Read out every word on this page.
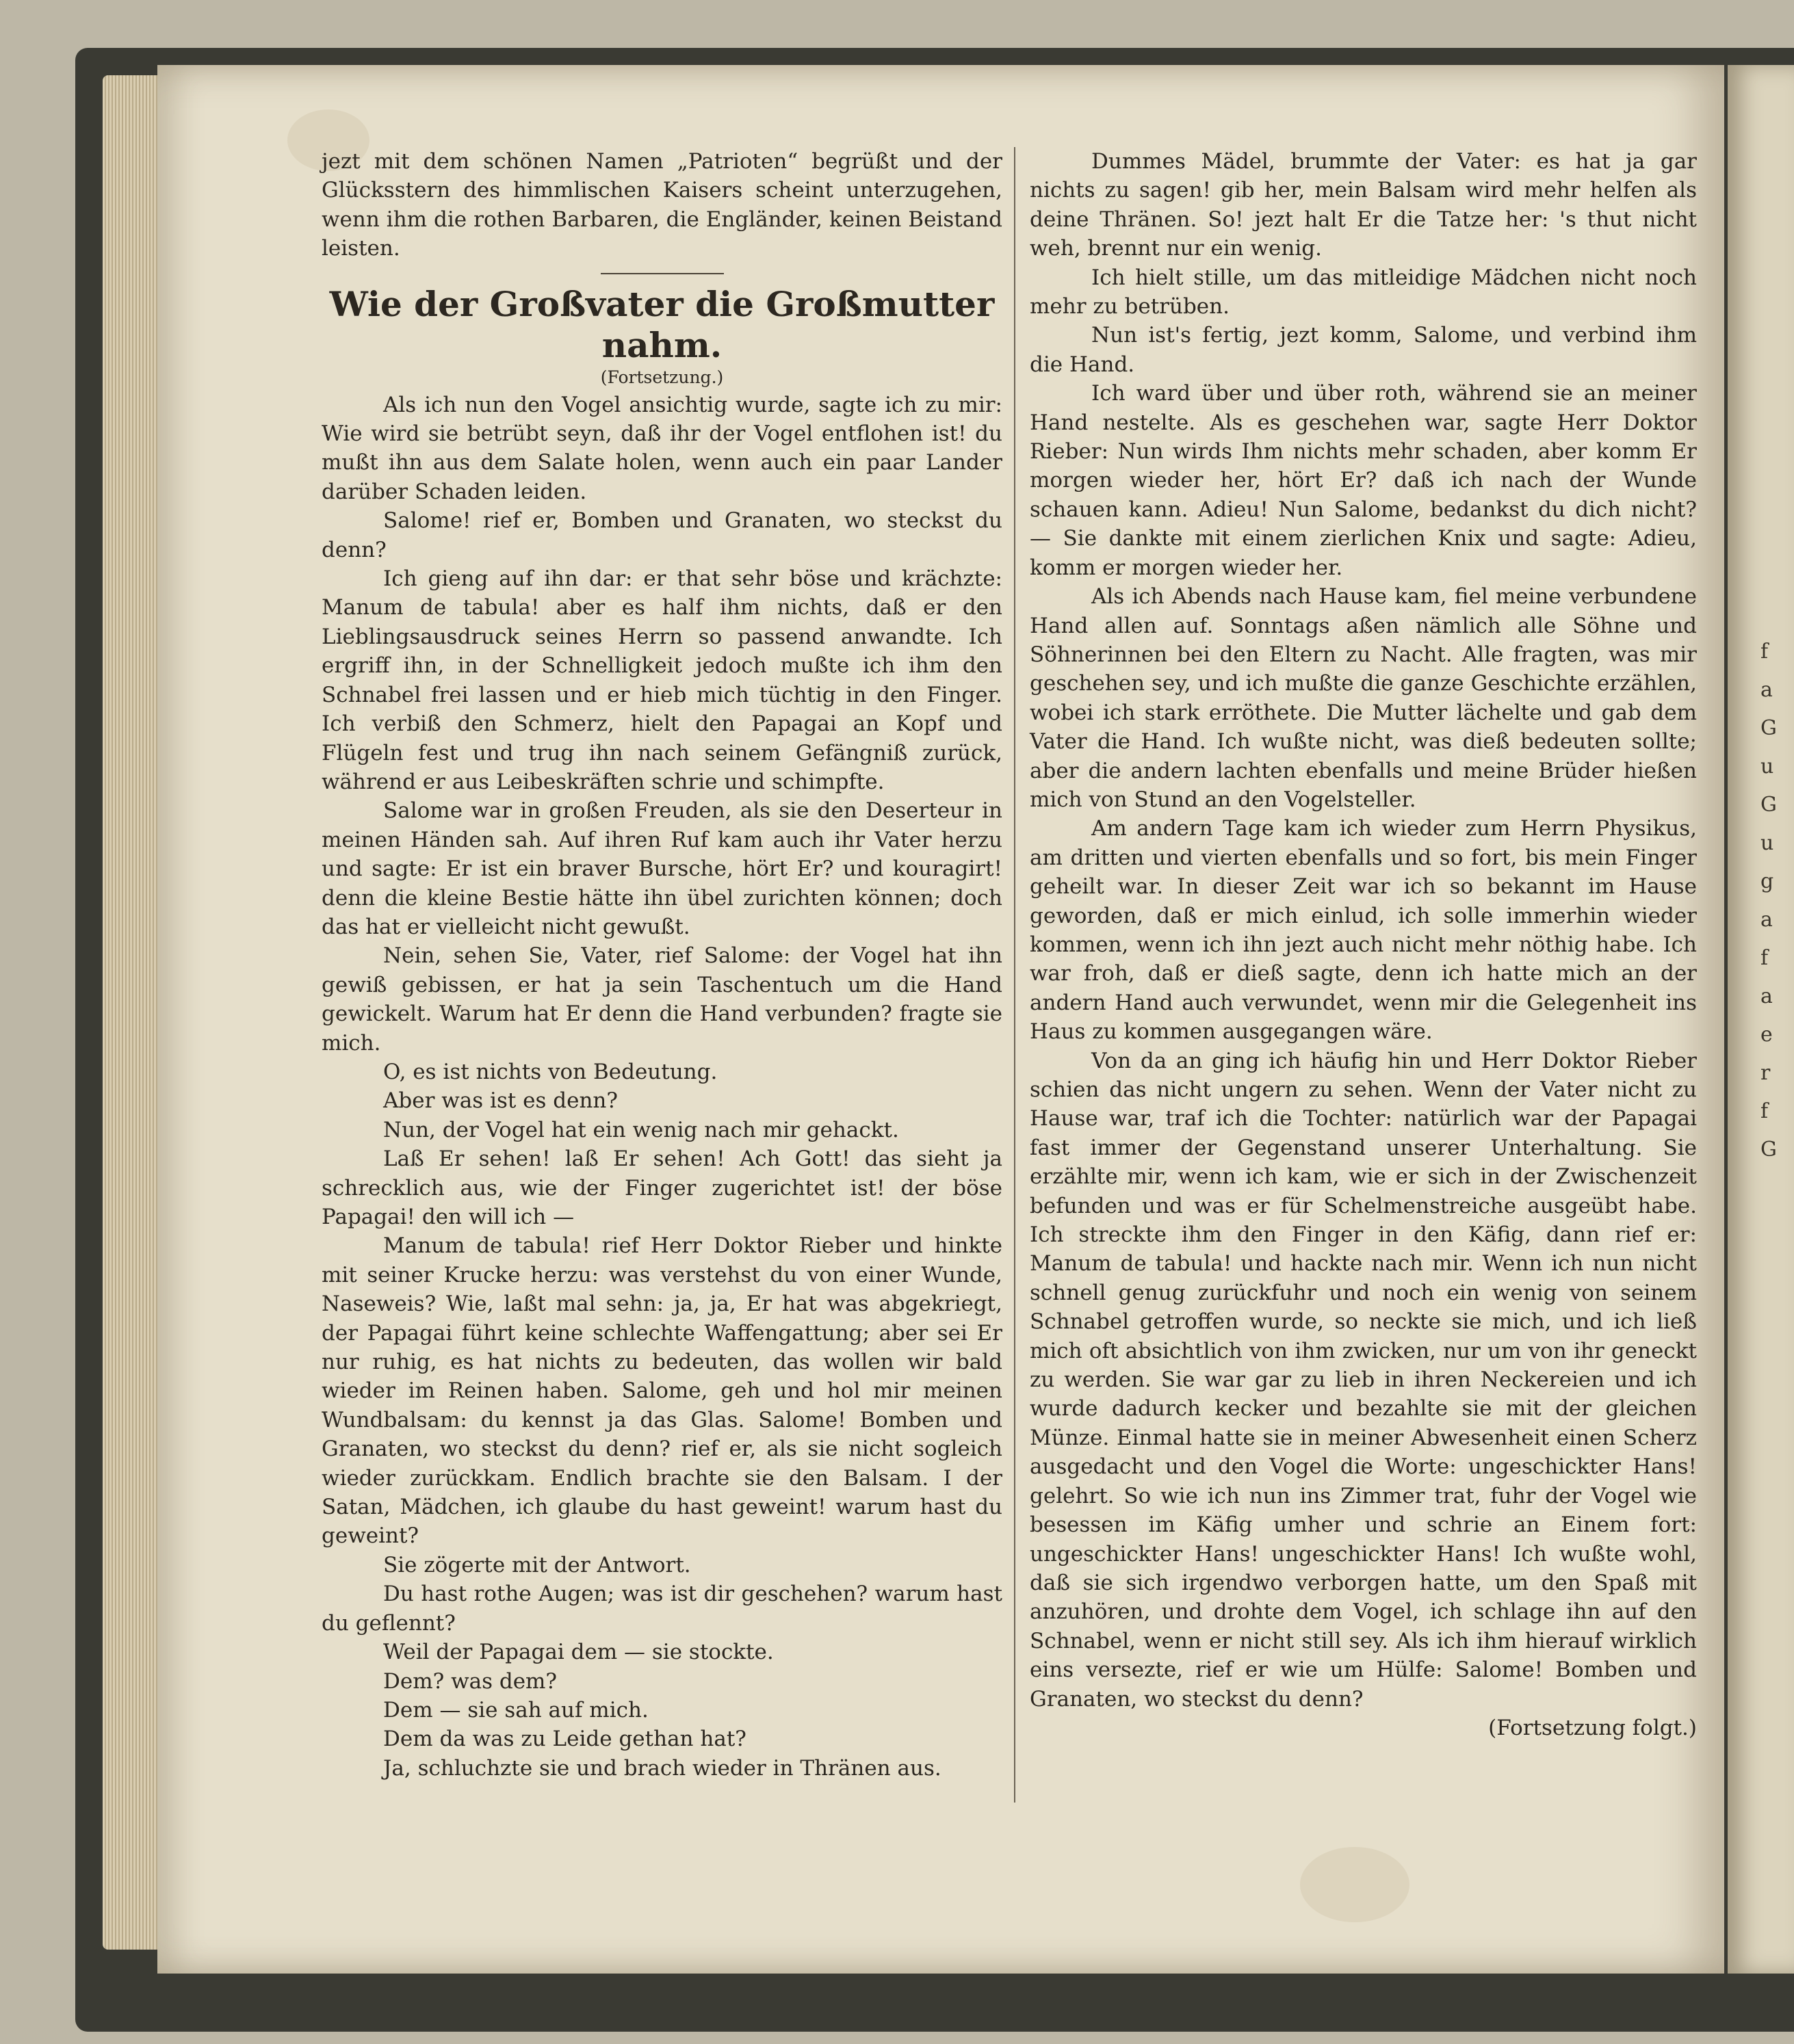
f
a
G
u
G
u
g
a
f
a
e
r
f
G

jezt mit dem schönen Namen „Patrioten“ begrüßt und der Glücksstern des himmlischen Kaisers scheint unterzugehen, wenn ihm die rothen Barbaren, die Engländer, keinen Beistand leisten.

Wie der Großvater die Großmutter nahm.
(Fortsetzung.)

Als ich nun den Vogel ansichtig wurde, sagte ich zu mir: Wie wird sie betrübt seyn, daß ihr der Vogel entflohen ist! du mußt ihn aus dem Salate holen, wenn auch ein paar Lander darüber Schaden leiden.

Salome! rief er, Bomben und Granaten, wo steckst du denn?

Ich gieng auf ihn dar: er that sehr böse und krächzte: Manum de tabula! aber es half ihm nichts, daß er den Lieblingsausdruck seines Herrn so passend anwandte. Ich ergriff ihn, in der Schnelligkeit jedoch mußte ich ihm den Schnabel frei lassen und er hieb mich tüchtig in den Finger. Ich verbiß den Schmerz, hielt den Papagai an Kopf und Flügeln fest und trug ihn nach seinem Gefängniß zurück, während er aus Leibeskräften schrie und schimpfte.

Salome war in großen Freuden, als sie den Deserteur in meinen Händen sah. Auf ihren Ruf kam auch ihr Vater herzu und sagte: Er ist ein braver Bursche, hört Er? und kouragirt! denn die kleine Bestie hätte ihn übel zurichten können; doch das hat er vielleicht nicht gewußt.

Nein, sehen Sie, Vater, rief Salome: der Vogel hat ihn gewiß gebissen, er hat ja sein Taschentuch um die Hand gewickelt. Warum hat Er denn die Hand verbunden? fragte sie mich.

O, es ist nichts von Bedeutung.

Aber was ist es denn?

Nun, der Vogel hat ein wenig nach mir gehackt.

Laß Er sehen! laß Er sehen! Ach Gott! das sieht ja schrecklich aus, wie der Finger zugerichtet ist! der böse Papagai! den will ich —

Manum de tabula! rief Herr Doktor Rieber und hinkte mit seiner Krucke herzu: was verstehst du von einer Wunde, Naseweis? Wie, laßt mal sehn: ja, ja, Er hat was abgekriegt, der Papagai führt keine schlechte Waffengattung; aber sei Er nur ruhig, es hat nichts zu bedeuten, das wollen wir bald wieder im Reinen haben. Salome, geh und hol mir meinen Wundbalsam: du kennst ja das Glas. Salome! Bomben und Granaten, wo steckst du denn? rief er, als sie nicht sogleich wieder zurückkam. Endlich brachte sie den Balsam. I der Satan, Mädchen, ich glaube du hast geweint! warum hast du geweint?

Sie zögerte mit der Antwort.

Du hast rothe Augen; was ist dir geschehen? warum hast du geflennt?

Weil der Papagai dem — sie stockte.

Dem? was dem?

Dem — sie sah auf mich.

Dem da was zu Leide gethan hat?

Ja, schluchzte sie und brach wieder in Thränen aus.

Dummes Mädel, brummte der Vater: es hat ja gar nichts zu sagen! gib her, mein Balsam wird mehr helfen als deine Thränen. So! jezt halt Er die Tatze her: 's thut nicht weh, brennt nur ein wenig.

Ich hielt stille, um das mitleidige Mädchen nicht noch mehr zu betrüben.

Nun ist's fertig, jezt komm, Salome, und verbind ihm die Hand.

Ich ward über und über roth, während sie an meiner Hand nestelte. Als es geschehen war, sagte Herr Doktor Rieber: Nun wirds Ihm nichts mehr schaden, aber komm Er morgen wieder her, hört Er? daß ich nach der Wunde schauen kann. Adieu! Nun Salome, bedankst du dich nicht? — Sie dankte mit einem zierlichen Knix und sagte: Adieu, komm er morgen wieder her.

Als ich Abends nach Hause kam, fiel meine verbundene Hand allen auf. Sonntags aßen nämlich alle Söhne und Söhnerinnen bei den Eltern zu Nacht. Alle fragten, was mir geschehen sey, und ich mußte die ganze Geschichte erzählen, wobei ich stark erröthete. Die Mutter lächelte und gab dem Vater die Hand. Ich wußte nicht, was dieß bedeuten sollte; aber die andern lachten ebenfalls und meine Brüder hießen mich von Stund an den Vogelsteller.

Am andern Tage kam ich wieder zum Herrn Physikus, am dritten und vierten ebenfalls und so fort, bis mein Finger geheilt war. In dieser Zeit war ich so bekannt im Hause geworden, daß er mich einlud, ich solle immerhin wieder kommen, wenn ich ihn jezt auch nicht mehr nöthig habe. Ich war froh, daß er dieß sagte, denn ich hatte mich an der andern Hand auch verwundet, wenn mir die Gelegenheit ins Haus zu kommen ausgegangen wäre.

Von da an ging ich häufig hin und Herr Doktor Rieber schien das nicht ungern zu sehen. Wenn der Vater nicht zu Hause war, traf ich die Tochter: natürlich war der Papagai fast immer der Gegenstand unserer Unterhaltung. Sie erzählte mir, wenn ich kam, wie er sich in der Zwischenzeit befunden und was er für Schelmenstreiche ausgeübt habe. Ich streckte ihm den Finger in den Käfig, dann rief er: Manum de tabula! und hackte nach mir. Wenn ich nun nicht schnell genug zurückfuhr und noch ein wenig von seinem Schnabel getroffen wurde, so neckte sie mich, und ich ließ mich oft absichtlich von ihm zwicken, nur um von ihr geneckt zu werden. Sie war gar zu lieb in ihren Neckereien und ich wurde dadurch kecker und bezahlte sie mit der gleichen Münze. Einmal hatte sie in meiner Abwesenheit einen Scherz ausgedacht und den Vogel die Worte: ungeschickter Hans! gelehrt. So wie ich nun ins Zimmer trat, fuhr der Vogel wie besessen im Käfig umher und schrie an Einem fort: ungeschickter Hans! ungeschickter Hans! Ich wußte wohl, daß sie sich irgendwo verborgen hatte, um den Spaß mit anzuhören, und drohte dem Vogel, ich schlage ihn auf den Schnabel, wenn er nicht still sey. Als ich ihm hierauf wirklich eins versezte, rief er wie um Hülfe: Salome! Bomben und Granaten, wo steckst du denn?

(Fortsetzung folgt.)
